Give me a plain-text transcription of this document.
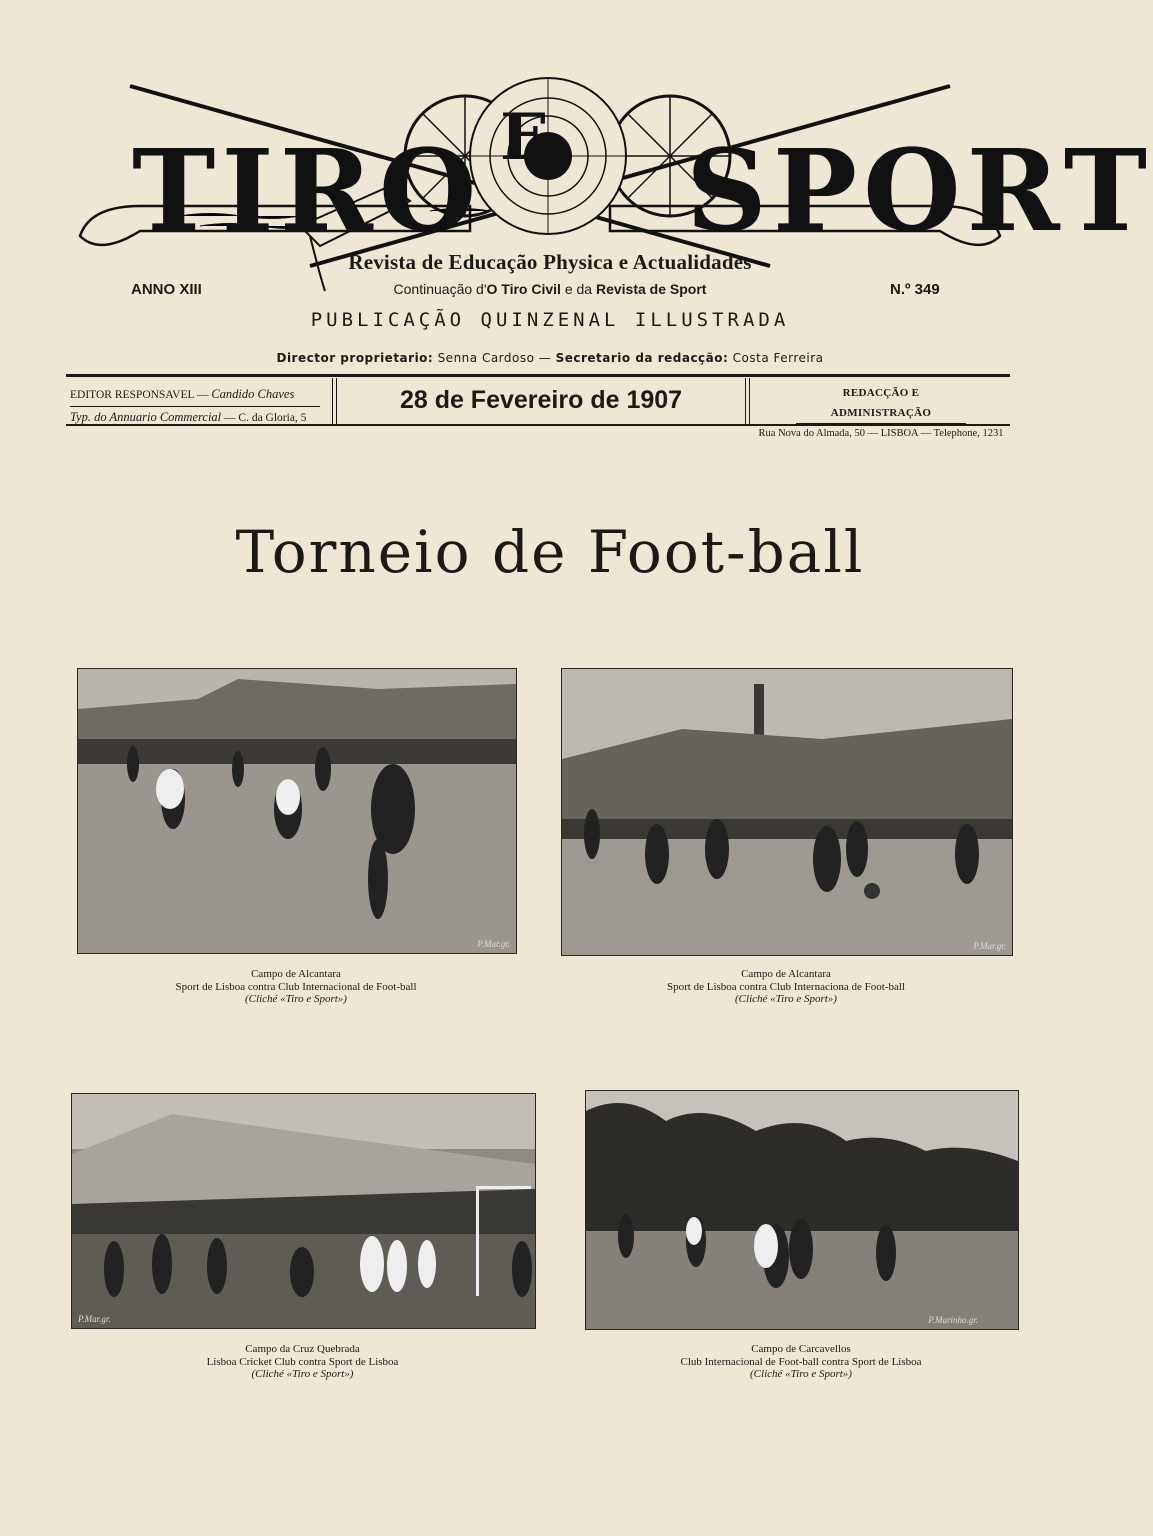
TIRO E SPORT
Revista de Educação Physica e Actualidades
ANNO XIII	Continuação d'O Tiro Civil e da Revista de Sport	N.º 349
PUBLICAÇÃO QUINZENAL ILLUSTRADA
Director proprietario: Senna Cardoso — Secretario da redacção: Costa Ferreira
EDITOR RESPONSAVEL — Candido Chaves
Typ. do Annuario Commercial — C. da Gloria, 5
28 de Fevereiro de 1907	REDACÇÃO E ADMINISTRAÇÃO
Rua Nova do Almada, 50 — LISBOA — Telephone, 1231
Torneio de Foot-ball
P.Mar.gr.	P.Mar.gr.
P.Mar.gr.	P.Marinho.gr.
Campo de Alcantara
Sport de Lisboa contra Club Internacional de Foot-ball
(Cliché «Tiro e Sport»)
Campo de Alcantara
Sport de Lisboa contra Club Internaciona de Foot-ball
(Cliché «Tiro e Sport»)
Campo da Cruz Quebrada
Lisboa Cricket Club contra Sport de Lisboa
(Cliché «Tiro e Sport»)
Campo de Carcavellos
Club Internacional de Foot-ball contra Sport de Lisboa
(Cliché «Tiro e Sport»)
